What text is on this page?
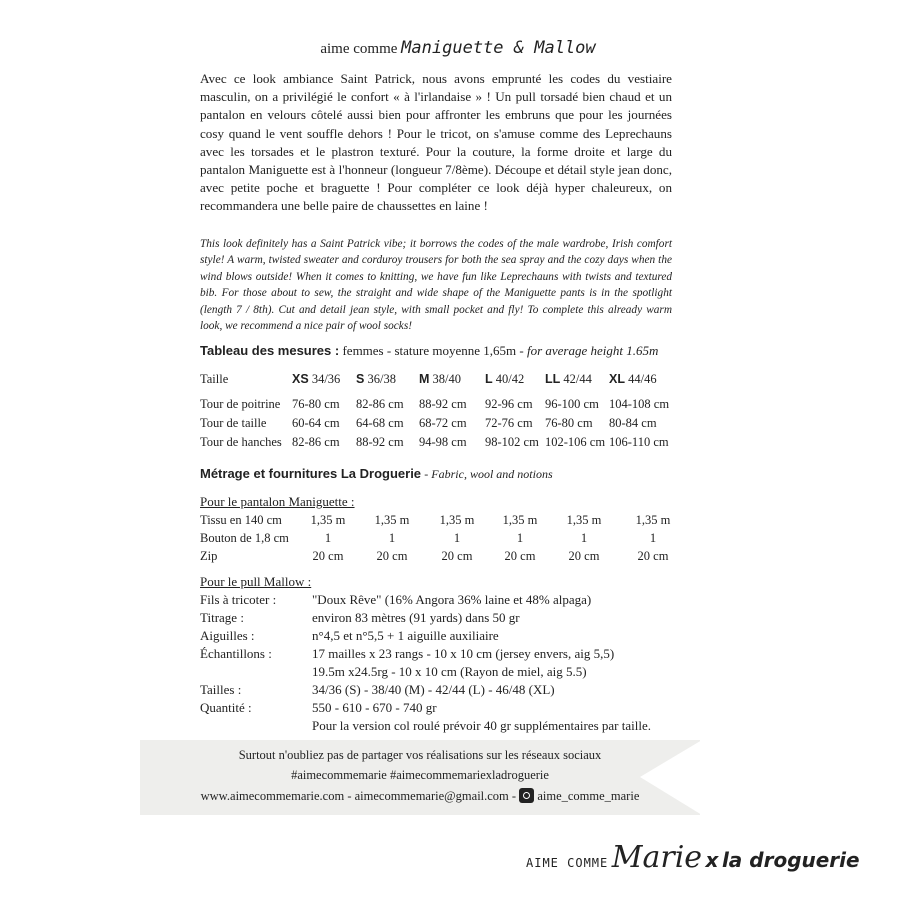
aime comme Maniguette & Mallow
Avec ce look ambiance Saint Patrick, nous avons emprunté les codes du vestiaire masculin, on a privilégié le confort « à l'irlandaise » ! Un pull torsadé bien chaud et un pantalon en velours côtelé aussi bien pour affronter les embruns que pour les journées cosy quand le vent souffle dehors ! Pour le tricot, on s'amuse comme des Leprechauns avec les torsades et le plastron texturé. Pour la couture, la forme droite et large du pantalon Maniguette est à l'honneur (longueur 7/8ème). Découpe et détail style jean donc, avec petite poche et braguette ! Pour compléter ce look déjà hyper chaleureux, on recommandera une belle paire de chaussettes en laine !
This look definitely has a Saint Patrick vibe; it borrows the codes of the male wardrobe, Irish comfort style! A warm, twisted sweater and corduroy trousers for both the sea spray and the cozy days when the wind blows outside! When it comes to knitting, we have fun like Leprechauns with twists and textured bib. For those about to sew, the straight and wide shape of the Maniguette pants is in the spotlight (length 7 / 8th). Cut and detail jean style, with small pocket and fly! To complete this already warm look, we recommend a nice pair of wool socks!
Tableau des mesures : femmes - stature moyenne 1,65m - for average height 1.65m
Taille	XS 34/36	S 36/38	M 38/40	L 40/42	LL 42/44	XL 44/46

Tour de poitrine	76-80 cm	82-86 cm	88-92 cm	92-96 cm	96-100 cm	104-108 cm
Tour de taille	60-64 cm	64-68 cm	68-72 cm	72-76 cm	76-80 cm	80-84 cm
Tour de hanches	82-86 cm	88-92 cm	94-98 cm	98-102 cm	102-106 cm	106-110 cm
Métrage et fournitures La Droguerie - Fabric, wool and notions
Pour le pantalon Maniguette :
Tissu en 140 cm	1,35 m	1,35 m	1,35 m	1,35 m	1,35 m	1,35 m
Bouton de 1,8 cm	1	1	1	1	1	1
Zip	20 cm	20 cm	20 cm	20 cm	20 cm	20 cm
Pour le pull Mallow :
Fils à tricoter :	"Doux Rêve" (16% Angora 36% laine et 48% alpaga)
Titrage :	environ 83 mètres (91 yards) dans 50 gr
Aiguilles :	n°4,5 et n°5,5 + 1 aiguille auxiliaire
Échantillons :	17 mailles x 23 rangs - 10 x 10 cm (jersey envers, aig 5,5)
19.5m x24.5rg - 10 x 10 cm (Rayon de miel, aig 5.5)
Tailles :	34/36 (S) - 38/40 (M) - 42/44 (L) - 46/48 (XL)
Quantité :	550 - 610 - 670 - 740 gr
Pour la version col roulé prévoir 40 gr supplémentaires par taille.
Surtout n'oubliez pas de partager vos réalisations sur les réseaux sociaux
#aimecommemarie #aimecommemariexladroguerie
www.aimecommemarie.com - aimecommemarie@gmail.com - aime_comme_marie
AIME COMME Marie x la droguerie
